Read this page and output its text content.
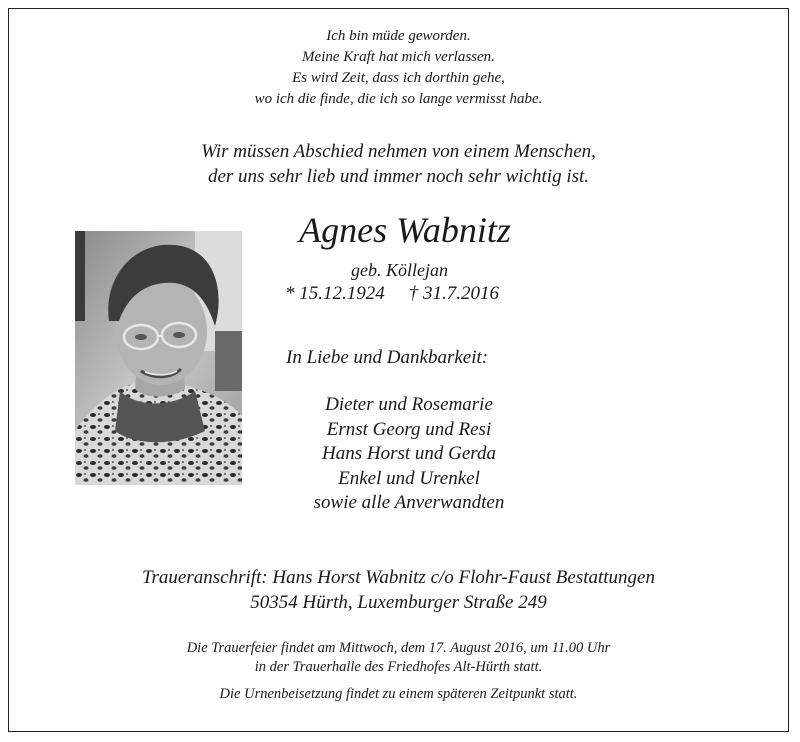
Ich bin müde geworden.
Meine Kraft hat mich verlassen.
Es wird Zeit, dass ich dorthin gehe,
wo ich die finde, die ich so lange vermisst habe.
Wir müssen Abschied nehmen von einem Menschen,
der uns sehr lieb und immer noch sehr wichtig ist.
Agnes Wabnitz
geb. Köllejan
* 15.12.1924 † 31.7.2016
In Liebe und Dankbarkeit:
Dieter und Rosemarie
Ernst Georg und Resi
Hans Horst und Gerda
Enkel und Urenkel
sowie alle Anverwandten
Traueranschrift: Hans Horst Wabnitz c/o Flohr-Faust Bestattungen
50354 Hürth, Luxemburger Straße 249
Die Trauerfeier findet am Mittwoch, dem 17. August 2016, um 11.00 Uhr
in der Trauerhalle des Friedhofes Alt-Hürth statt.
Die Urnenbeisetzung findet zu einem späteren Zeitpunkt statt.
